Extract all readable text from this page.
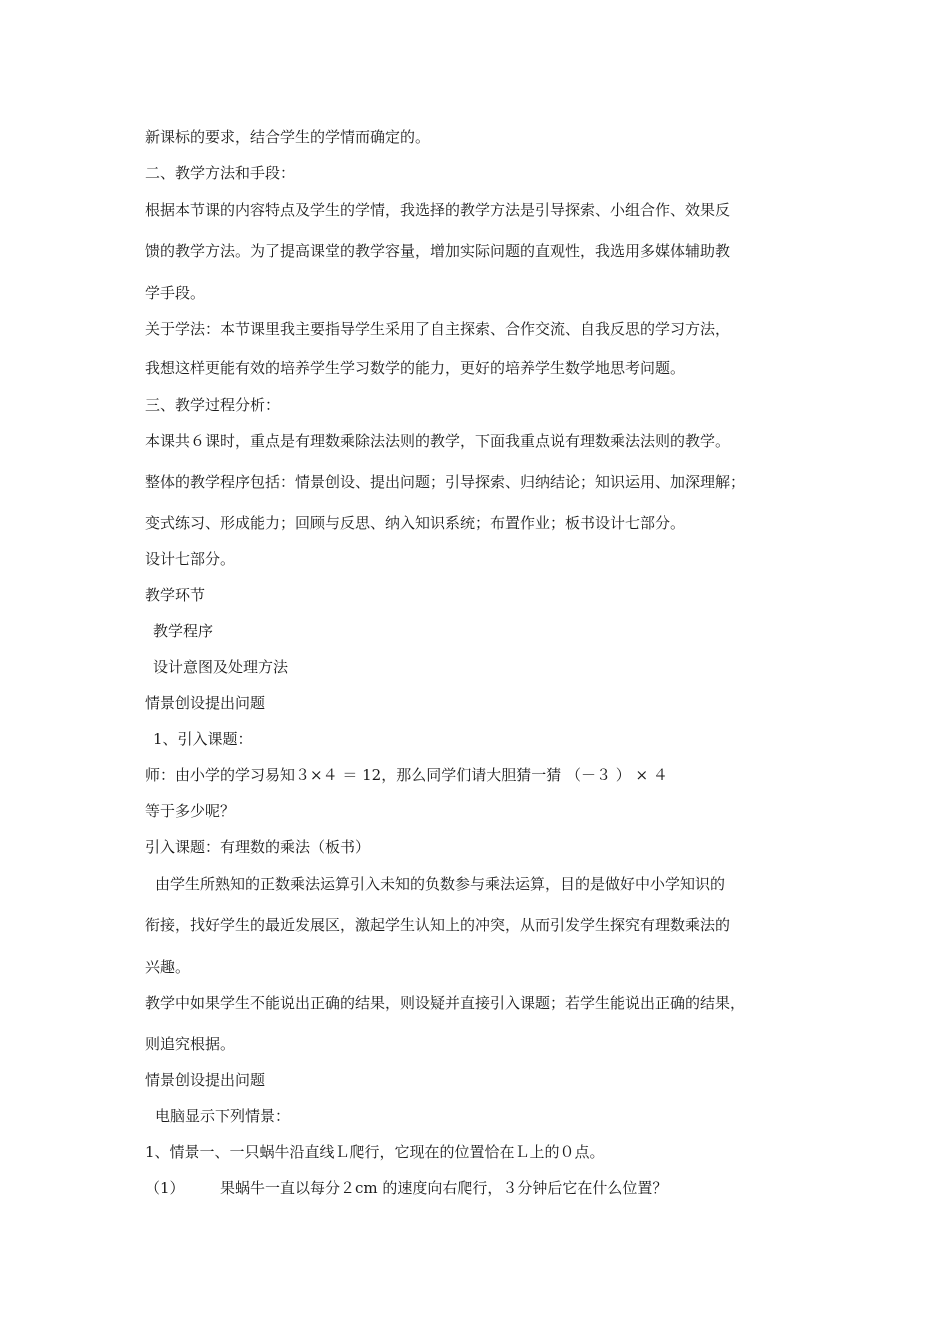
新课标的要求，结合学生的学情而确定的。
二、教学方法和手段：
根据本节课的内容特点及学生的学情，我选择的教学方法是引导探索、小组合作、效果反
馈的教学方法。为了提高课堂的教学容量，增加实际问题的直观性，我选用多媒体辅助教
学手段。
关于学法：本节课里我主要指导学生采用了自主探索、合作交流、自我反思的学习方法，
我想这样更能有效的培养学生学习数学的能力，更好的培养学生数学地思考问题。
三、教学过程分析：
本课共６课时，重点是有理数乘除法法则的教学，下面我重点说有理数乘法法则的教学。
整体的教学程序包括：情景创设、提出问题；引导探索、归纳结论；知识运用、加深理解；
变式练习、形成能力；回顾与反思、纳入知识系统；布置作业；板书设计七部分。
设计七部分。
教学环节
教学程序
设计意图及处理方法
情景创设提出问题
1、引入课题：
师：由小学的学习易知３×４ ＝ 12，那么同学们请大胆猜一猜 （－３ ） × ４
等于多少呢？
引入课题：有理数的乘法（板书）
由学生所熟知的正数乘法运算引入未知的负数参与乘法运算，目的是做好中小学知识的
衔接，找好学生的最近发展区，激起学生认知上的冲突，从而引发学生探究有理数乘法的
兴趣。
教学中如果学生不能说出正确的结果，则设疑并直接引入课题；若学生能说出正确的结果，
则追究根据。
情景创设提出问题
电脑显示下列情景：
1、情景一、一只蜗牛沿直线Ｌ爬行，它现在的位置恰在Ｌ上的０点。
（1） 果蜗牛一直以每分２cm 的速度向右爬行，３分钟后它在什么位置？
